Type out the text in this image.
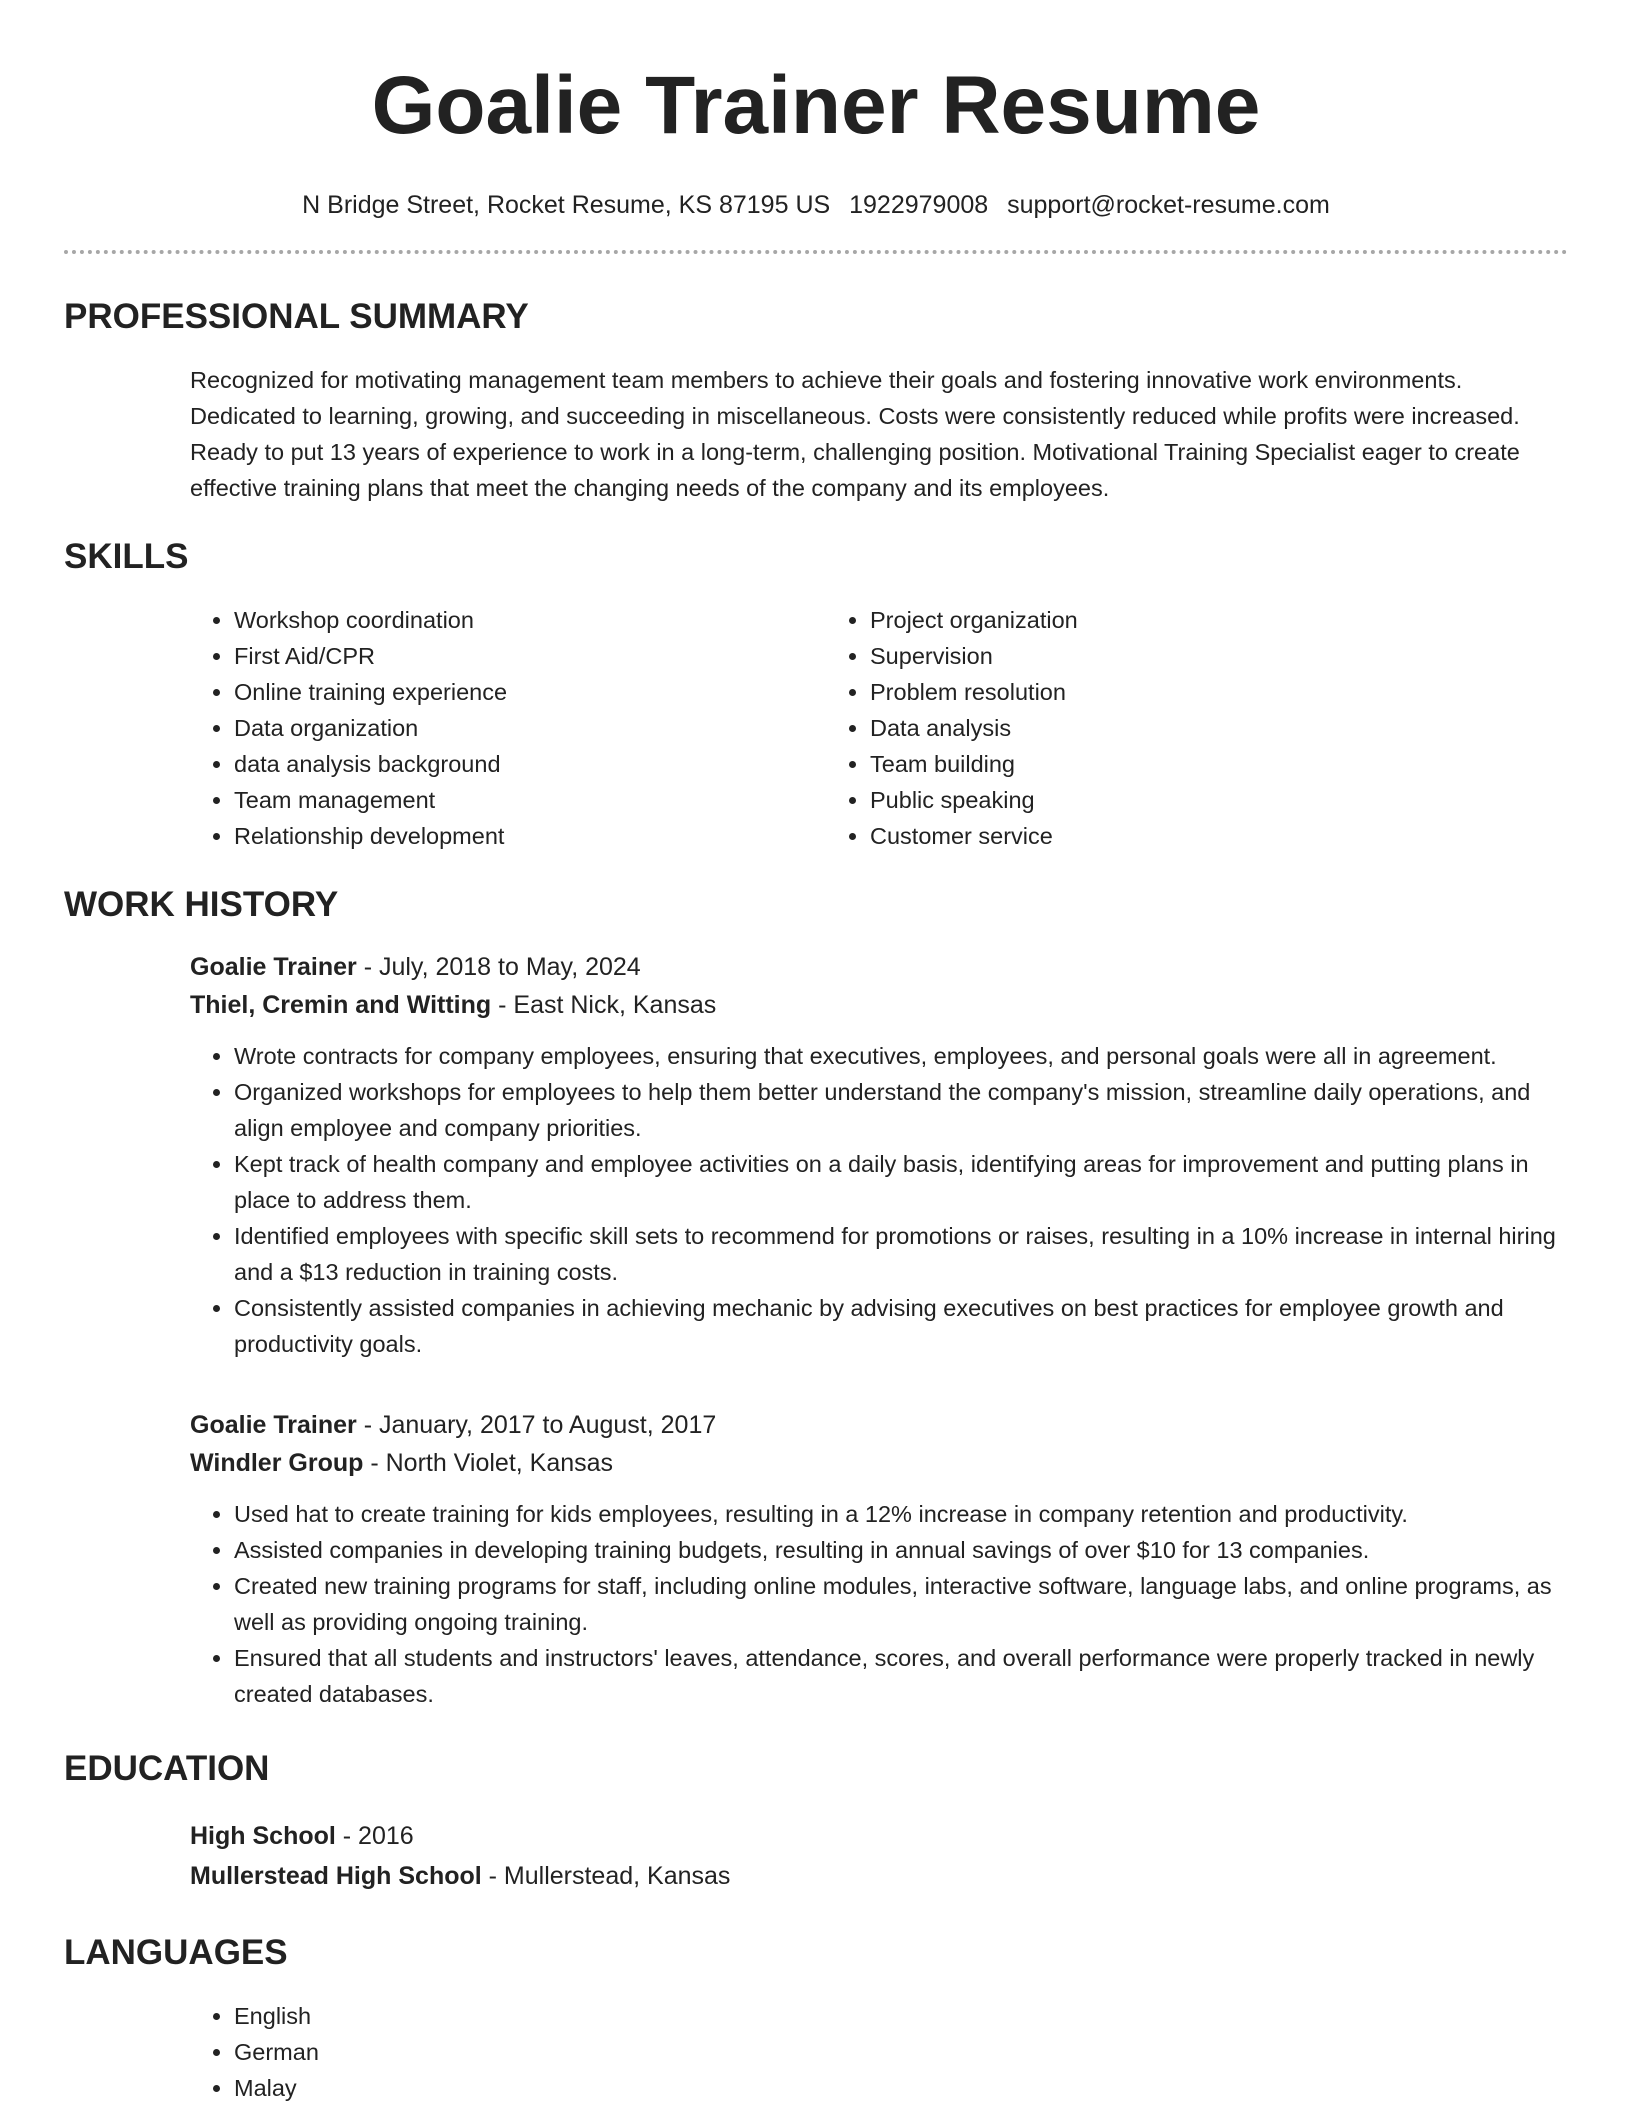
Goalie Trainer Resume
N Bridge Street, Rocket Resume, KS 87195 US 1922979008 support@rocket-resume.com
PROFESSIONAL SUMMARY

Recognized for motivating management team members to achieve their goals and fostering innovative work environments. Dedicated to learning, growing, and succeeding in miscellaneous. Costs were consistently reduced while profits were increased. Ready to put 13 years of experience to work in a long-term, challenging position. Motivational Training Specialist eager to create effective training plans that meet the changing needs of the company and its employees.

SKILLS
• Workshop coordination
• First Aid/CPR
• Online training experience
• Data organization
• data analysis background
• Team management
• Relationship development
• Project organization
• Supervision
• Problem resolution
• Data analysis
• Team building
• Public speaking
• Customer service
WORK HISTORY
Goalie Trainer - July, 2018 to May, 2024
Thiel, Cremin and Witting - East Nick, Kansas
• Wrote contracts for company employees, ensuring that executives, employees, and personal goals were all in agreement.
• Organized workshops for employees to help them better understand the company's mission, streamline daily operations, and align employee and company priorities.
• Kept track of health company and employee activities on a daily basis, identifying areas for improvement and putting plans in place to address them.
• Identified employees with specific skill sets to recommend for promotions or raises, resulting in a 10% increase in internal hiring and a $13 reduction in training costs.
• Consistently assisted companies in achieving mechanic by advising executives on best practices for employee growth and productivity goals.
Goalie Trainer - January, 2017 to August, 2017
Windler Group - North Violet, Kansas
• Used hat to create training for kids employees, resulting in a 12% increase in company retention and productivity.
• Assisted companies in developing training budgets, resulting in annual savings of over $10 for 13 companies.
• Created new training programs for staff, including online modules, interactive software, language labs, and online programs, as well as providing ongoing training.
• Ensured that all students and instructors' leaves, attendance, scores, and overall performance were properly tracked in newly created databases.
EDUCATION
High School - 2016
Mullerstead High School - Mullerstead, Kansas
LANGUAGES
• English
• German
• Malay
